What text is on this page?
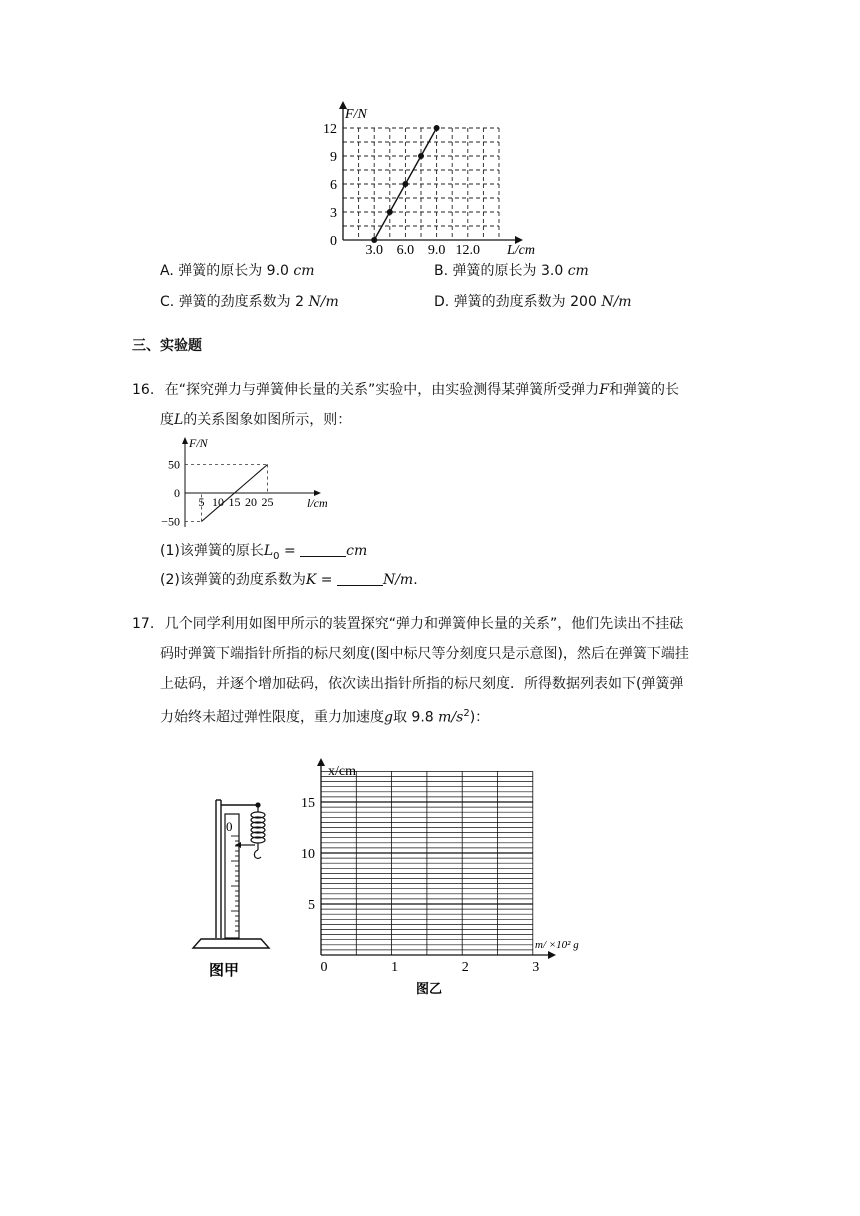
F/N
L/cm
12
9
6
3
0
3.0 6.0 9.0 12.0
A. 弹簧的原长为 9.0 cm	B. 弹簧的原长为 3.0 cm
C. 弹簧的劲度系数为 2 N/m	D. 弹簧的劲度系数为 200 N/m
三、实验题
16. 在“探究弹力与弹簧伸长量的关系”实验中，由实验测得某弹簧所受弹力F和弹簧的长
度L的关系图象如图所示，则：
F/N
l/cm
50
0
−50
5 10 15 20 25
(1)该弹簧的原长$L_0$ =	cm
(2)该弹簧的劲度系数为K =	N/m.
17. 几个同学利用如图甲所示的装置探究“弹力和弹簧伸长量的关系”，他们先读出不挂砝
码时弹簧下端指针所指的标尺刻度(图中标尺等分刻度只是示意图)，然后在弹簧下端挂
上砝码，并逐个增加砝码，依次读出指针所指的标尺刻度．所得数据列表如下(弹簧弹
力始终未超过弹性限度，重力加速度g取 9.8 $m/s^2$)：
0
图甲
x/cm
m/ ×10² g
15
10
5
0	1	2	3
图乙
